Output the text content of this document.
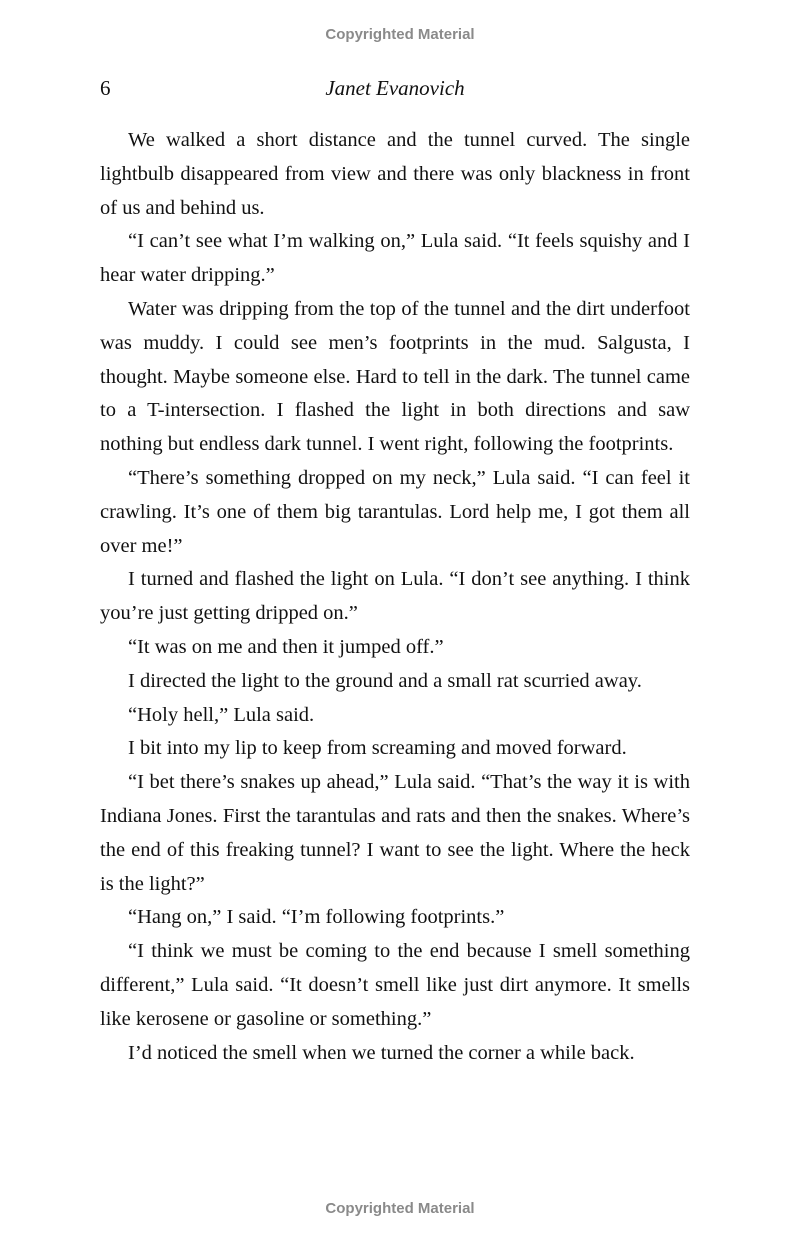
Copyrighted Material
6	Janet Evanovich

We walked a short distance and the tunnel curved. The single lightbulb disappeared from view and there was only blackness in front of us and behind us.

“I can’t see what I’m walking on,” Lula said. “It feels squishy and I hear water dripping.”

Water was dripping from the top of the tunnel and the dirt underfoot was muddy. I could see men’s footprints in the mud. Salgusta, I thought. Maybe someone else. Hard to tell in the dark. The tunnel came to a T-intersection. I flashed the light in both directions and saw nothing but endless dark tunnel. I went right, following the footprints.

“There’s something dropped on my neck,” Lula said. “I can feel it crawling. It’s one of them big tarantulas. Lord help me, I got them all over me!”

I turned and flashed the light on Lula. “I don’t see anything. I think you’re just getting dripped on.”

“It was on me and then it jumped off.”

I directed the light to the ground and a small rat scurried away.

“Holy hell,” Lula said.

I bit into my lip to keep from screaming and moved forward.

“I bet there’s snakes up ahead,” Lula said. “That’s the way it is with Indiana Jones. First the tarantulas and rats and then the snakes. Where’s the end of this freaking tunnel? I want to see the light. Where the heck is the light?”

“Hang on,” I said. “I’m following footprints.”

“I think we must be coming to the end because I smell something different,” Lula said. “It doesn’t smell like just dirt anymore. It smells like kerosene or gasoline or something.”

I’d noticed the smell when we turned the corner a while back.

Copyrighted Material
